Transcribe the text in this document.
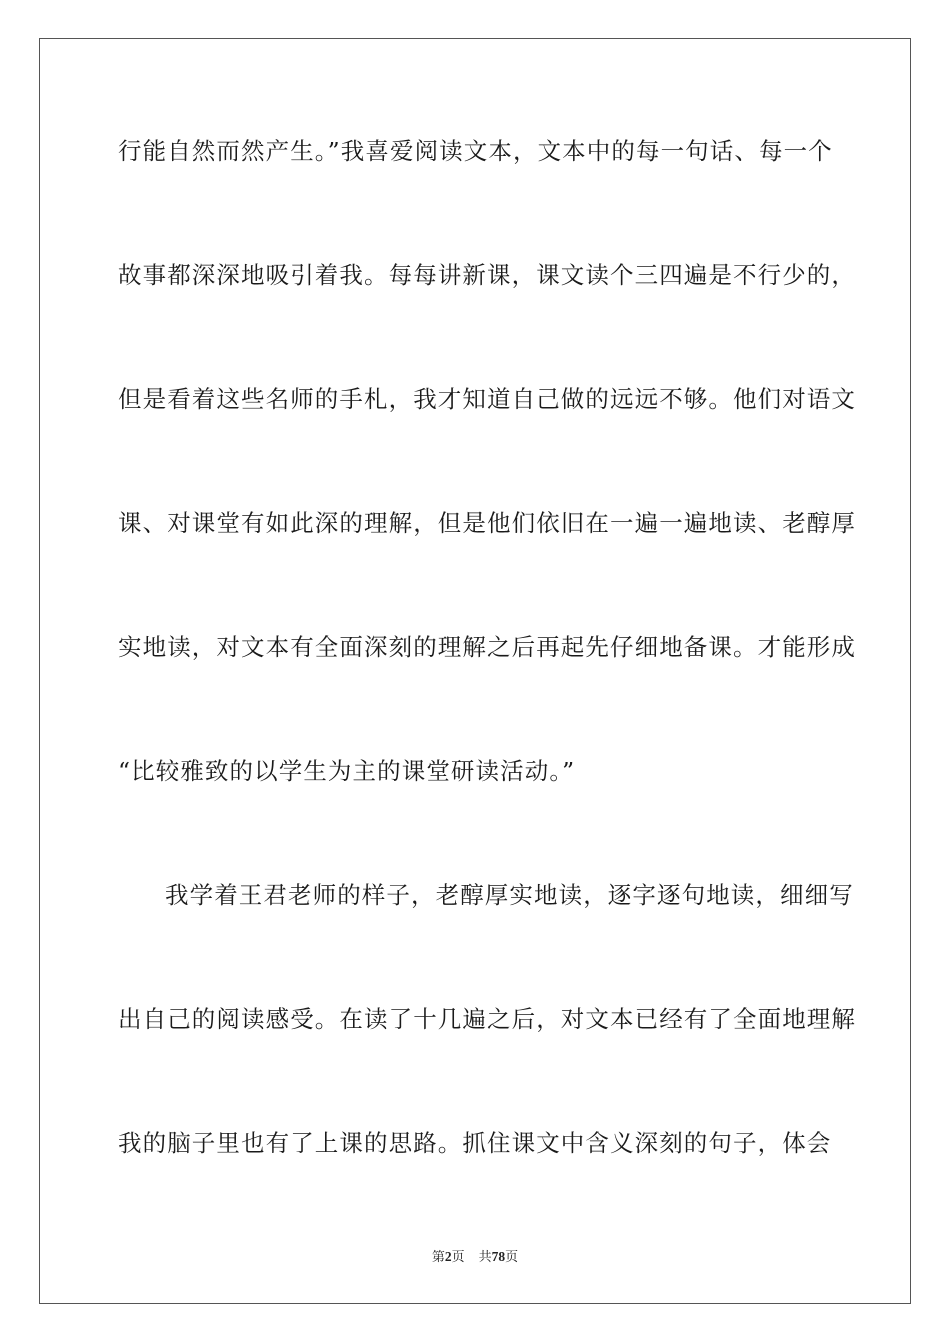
行能自然而然产生。”我喜爱阅读文本，文本中的每一句话、每一个
故事都深深地吸引着我。每每讲新课，课文读个三四遍是不行少的，
但是看着这些名师的手札，我才知道自己做的远远不够。他们对语文
课、对课堂有如此深的理解，但是他们依旧在一遍一遍地读、老醇厚
实地读，对文本有全面深刻的理解之后再起先仔细地备课。才能形成
“比较雅致的以学生为主的课堂研读活动。”
我学着王君老师的样子，老醇厚实地读，逐字逐句地读，细细写
出自己的阅读感受。在读了十几遍之后，对文本已经有了全面地理解
我的脑子里也有了上课的思路。抓住课文中含义深刻的句子，体会
第2页 共78页
